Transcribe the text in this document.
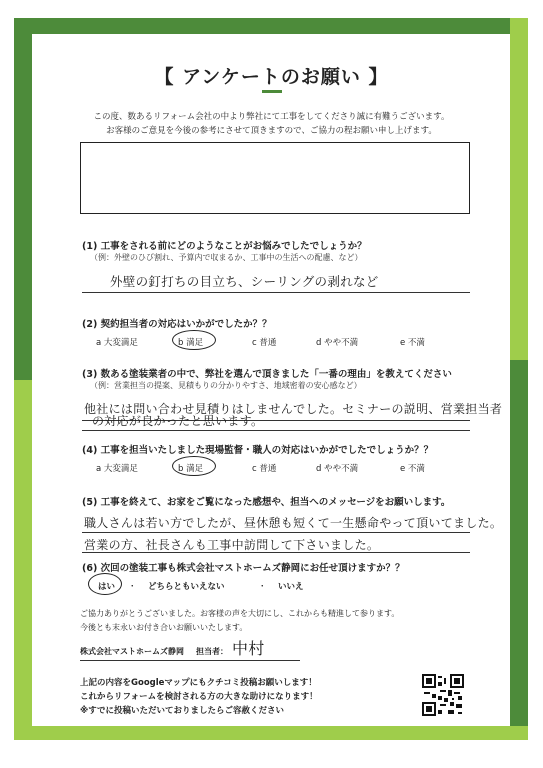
【 アンケートのお願い 】
この度、数あるリフォーム会社の中より弊社にて工事をしてくださり誠に有難うございます。
お客様のご意見を今後の参考にさせて頂きますので、ご協力の程お願い申し上げます。
(1) 工事をされる前にどのようなことがお悩みでしたでしょうか？
（例：外壁のひび割れ、予算内で収まるか、工事中の生活への配慮、など）
外壁の釘打ちの目立ち、シーリングの剥れなど
(2) 契約担当者の対応はいかがでしたか？？
a 大変満足	b 満足	c 普通	d やや不満	e 不満
(3) 数ある塗装業者の中で、弊社を選んで頂きました「一番の理由」を教えてください
（例：営業担当の提案、見積もりの分かりやすさ、地域密着の安心感など）
他社には問い合わせ見積りはしませんでした。セミナーの説明、営業担当者
の対応が良かったと思います。
(4) 工事を担当いたしました現場監督・職人の対応はいかがでしたでしょうか？？
a 大変満足	b 満足	c 普通	d やや不満	e 不満
(5) 工事を終えて、お家をご覧になった感想や、担当へのメッセージをお願いします。
職人さんは若い方でしたが、昼休憩も短くて一生懸命やって頂いてました。
営業の方、社長さんも工事中訪問して下さいました。
(6) 次回の塗装工事も株式会社マストホームズ静岡にお任せ頂けますか？？
はい ・ どちらともいえない	・ いいえ
ご協力ありがとうございました。お客様の声を大切にし、これからも精進して参ります。
今後とも末永いお付き合いお願いいたします。
株式会社マストホームズ静岡 担当者： 中村
上記の内容をGoogleマップにもクチコミ投稿お願いします！
これからリフォームを検討される方の大きな助けになります！
※すでに投稿いただいておりましたらご容赦ください
